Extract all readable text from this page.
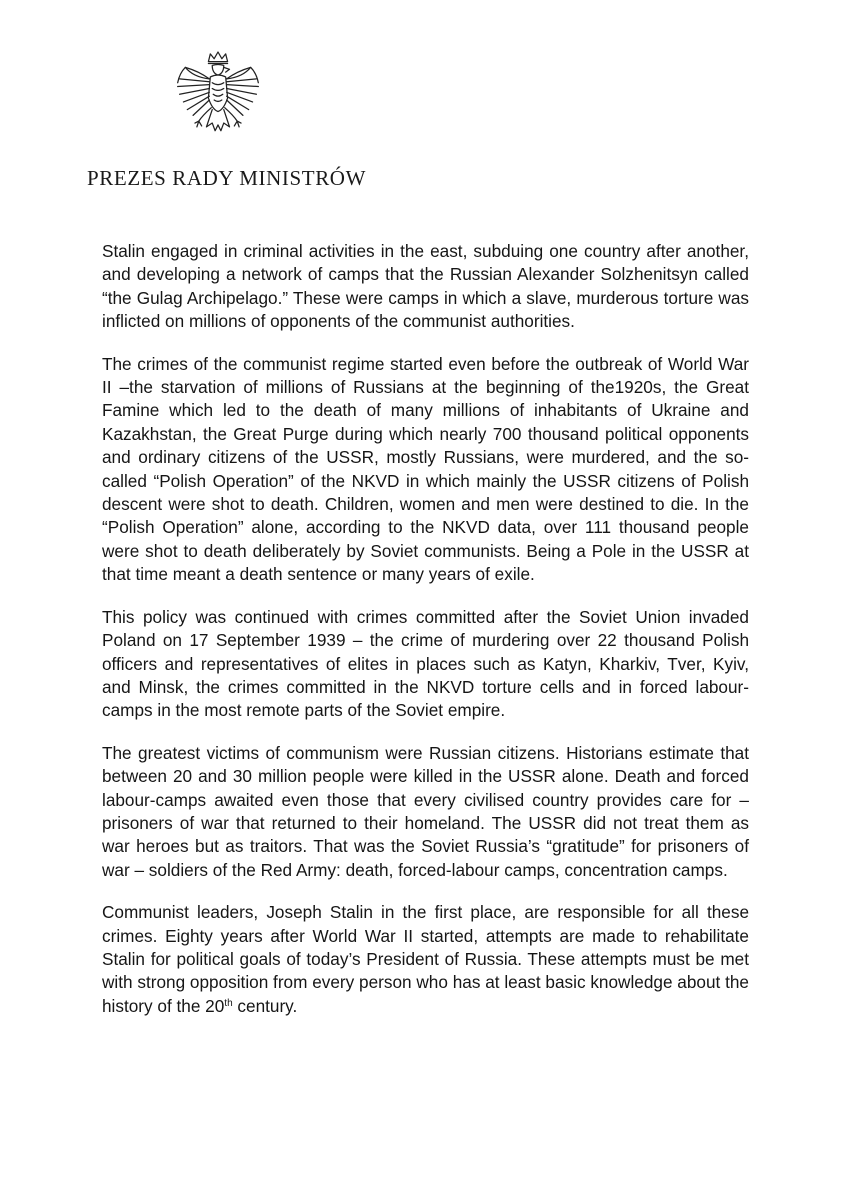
PREZES RADY MINISTRÓW

Stalin engaged in criminal activities in the east, subduing one country after another, and developing a network of camps that the Russian Alexander Solzhenitsyn called “the Gulag Archipelago.” These were camps in which a slave, murderous torture was inflicted on millions of opponents of the communist authorities.

The crimes of the communist regime started even before the outbreak of World War II –the starvation of millions of Russians at the beginning of the1920s, the Great Famine which led to the death of many millions of inhabitants of Ukraine and Kazakhstan, the Great Purge during which nearly 700 thousand political opponents and ordinary citizens of the USSR, mostly Russians, were murdered, and the so-called “Polish Operation” of the NKVD in which mainly the USSR citizens of Polish descent were shot to death. Children, women and men were destined to die. In the “Polish Operation” alone, according to the NKVD data, over 111 thousand people were shot to death deliberately by Soviet communists. Being a Pole in the USSR at that time meant a death sentence or many years of exile.

This policy was continued with crimes committed after the Soviet Union invaded Poland on 17 September 1939 – the crime of murdering over 22 thousand Polish officers and representatives of elites in places such as Katyn, Kharkiv, Tver, Kyiv, and Minsk, the crimes committed in the NKVD torture cells and in forced labour-camps in the most remote parts of the Soviet empire.

The greatest victims of communism were Russian citizens. Historians estimate that between 20 and 30 million people were killed in the USSR alone. Death and forced labour-camps awaited even those that every civilised country provides care for – prisoners of war that returned to their homeland. The USSR did not treat them as war heroes but as traitors. That was the Soviet Russia’s “gratitude” for prisoners of war – soldiers of the Red Army: death, forced-labour camps, concentration camps.

Communist leaders, Joseph Stalin in the first place, are responsible for all these crimes. Eighty years after World War II started, attempts are made to rehabilitate Stalin for political goals of today’s President of Russia. These attempts must be met with strong opposition from every person who has at least basic knowledge about the history of the 20th century.
